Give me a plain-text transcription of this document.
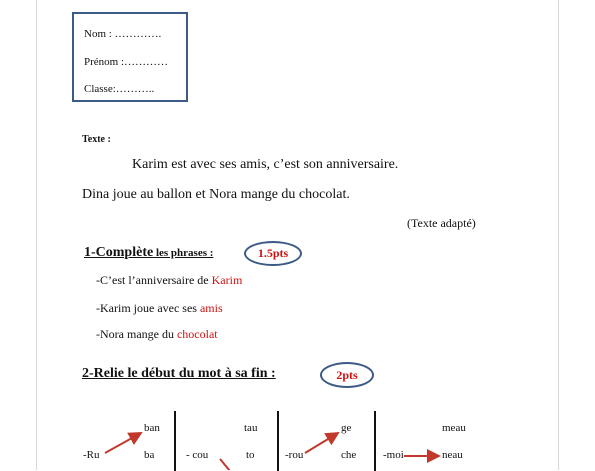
Nom : ………….
Prénom :…………
Classe:………..
Texte :
Karim est avec ses amis, c’est son anniversaire.
Dina joue au ballon et Nora mange du chocolat.
(Texte adapté)
1-Complète les phrases :	1.5pts
-C’est l’anniversaire de Karim
-Karim joue avec ses amis
-Nora mange du chocolat
2-Relie le début du mot à sa fin :	2pts
ban
-Ru	ba
tau
- cou	to
ge
-rou	che
meau
-moi	neau
